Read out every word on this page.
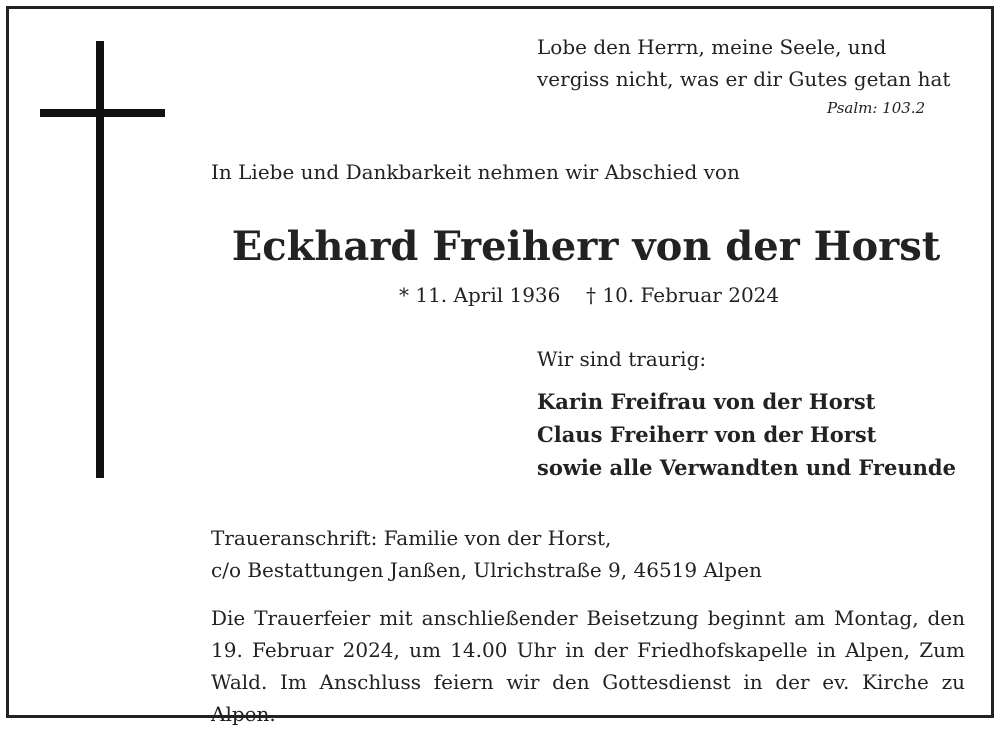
Lobe den Herrn, meine Seele, und
vergiss nicht, was er dir Gutes getan hat
Psalm: 103.2
In Liebe und Dankbarkeit nehmen wir Abschied von
Eckhard Freiherr von der Horst
* 11. April 1936 † 10. Februar 2024
Wir sind traurig:
Karin Freifrau von der Horst
Claus Freiherr von der Horst
sowie alle Verwandten und Freunde
Traueranschrift: Familie von der Horst,
c/o Bestattungen Janßen, Ulrichstraße 9, 46519 Alpen
Die Trauerfeier mit anschließender Beisetzung beginnt am Montag, den 19. Februar 2024, um 14.00 Uhr in der Friedhofskapelle in Alpen, Zum Wald. Im Anschluss feiern wir den Gottesdienst in der ev. Kirche zu Alpen.
